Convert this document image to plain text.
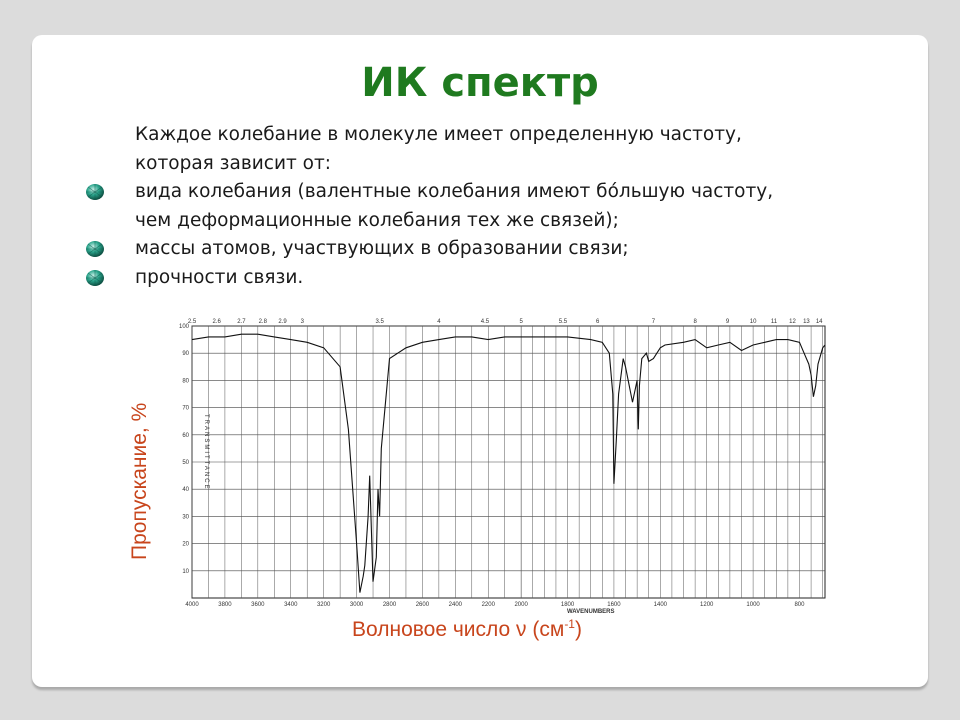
ИК спектр
Каждое колебание в молекуле имеет определенную частоту,
которая зависит от:
вида колебания (валентные колебания имеют бо́льшую частоту,
чем деформационные колебания тех же связей);
массы атомов, участвующих в образовании связи;
прочности связи.
Пропускание, %
10
20
30
40
50
60
70
80
90
100
4000	3800	3600	3400	3200	3000	2800	2600	2400	2200	2000	1800	1600	1400	1200	1000	800
2.5	2.6	2.7 2.8 2.9 3	3.5	4	4.5	5	5.5	6	7	8	9	10 11 12 13 14
WAVENUMBERS
TRANSMITTANCE
Волновое число ν $(см^{-1})$
